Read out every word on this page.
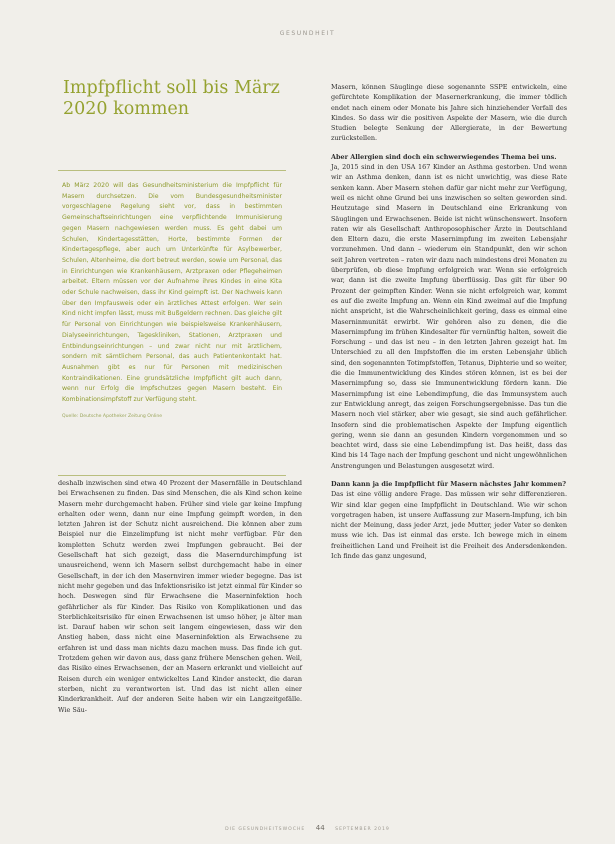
GESUNDHEIT
Impfpflicht soll bis März 2020 kommen
Ab März 2020 will das Gesundheitsministerium die Impfpflicht für Masern durchsetzen. Die vom Bundesgesundheitsminister vorgeschlagene Regelung sieht vor, dass in bestimmten Gemeinschaftseinrichtungen eine verpflichtende Immunisierung gegen Masern nachgewiesen werden muss. Es geht dabei um Schulen, Kindertagesstätten, Horte, bestimmte Formen der Kindertagespflege, aber auch um Unterkünfte für Asylbewerber, Schulen, Altenheime, die dort betreut werden, sowie um Personal, das in Einrichtungen wie Krankenhäusern, Arztpraxen oder Pflegeheimen arbeitet. Eltern müssen vor der Aufnahme ihres Kindes in eine Kita oder Schule nachweisen, dass ihr Kind geimpft ist. Der Nachweis kann über den Impfausweis oder ein ärztliches Attest erfolgen. Wer sein Kind nicht impfen lässt, muss mit Bußgeldern rechnen. Das gleiche gilt für Personal von Einrichtungen wie beispielsweise Krankenhäusern, Dialyseeinrichtungen, Tageskliniken, Stationen, Arztpraxen und Entbindungseinrichtungen – und zwar nicht nur mit ärztlichem, sondern mit sämtlichem Personal, das auch Patientenkontakt hat. Ausnahmen gibt es nur für Personen mit medizinischen Kontraindikationen. Eine grundsätzliche Impfpflicht gilt auch dann, wenn nur Erfolg die Impfschutzes gegen Masern besteht. Ein Kombinationsimpfstoff zur Verfügung steht.
Quelle: Deutsche Apotheker Zeitung Online

deshalb inzwischen sind etwa 40 Prozent der Masernfälle in Deutschland bei Erwachsenen zu finden. Das sind Menschen, die als Kind schon keine Masern mehr durchgemacht haben. Früher sind viele gar keine Impfung erhalten oder wenn, dann nur eine Impfung geimpft worden, in den letzten Jahren ist der Schutz nicht ausreichend. Die können aber zum Beispiel nur die Einzelimpfung ist nicht mehr verfügbar. Für den kompletten Schutz werden zwei Impfungen gebraucht. Bei der Gesellschaft hat sich gezeigt, dass die Maserndurchimpfung ist unausreichend, wenn ich Masern selbst durchgemacht habe in einer Gesellschaft, in der ich den Masernviren immer wieder begegne. Das ist nicht mehr gegeben und das Infektionsrisiko ist jetzt einmal für Kinder so hoch. Deswegen sind für Erwachsene die Maserninfektion hoch gefährlicher als für Kinder. Das Risiko von Komplikationen und das Sterblichkeitsrisiko für einen Erwachsenen ist umso höher, je älter man ist. Darauf haben wir schon seit langem eingewiesen, dass wir den Anstieg haben, dass nicht eine Maserninfektion als Erwachsene zu erfahren ist und dass man nichts dazu machen muss. Das finde ich gut. Trotzdem gehen wir davon aus, dass ganz frühere Menschen gehen. Weil, das Risiko eines Erwachsenen, der an Masern erkrankt und vielleicht auf Reisen durch ein weniger entwickeltes Land Kinder ansteckt, die daran sterben, nicht zu verantworten ist. Und das ist nicht allen einer Kinderkrankheit. Auf der anderen Seite haben wir ein Langzeitgefälle. Wie Säu-

Masern, können Säuglinge diese sogenannte SSPE entwickeln, eine gefürchtete Komplikation der Masernerkrankung, die immer tödlich endet nach einem oder Monate bis Jahre sich hinziehender Verfall des Kindes. So dass wir die positiven Aspekte der Masern, wie die durch Studien belegte Senkung der Allergierate, in der Bewertung zurückstellen.

Aber Allergien sind doch ein schwerwiegendes Thema bei uns.

Ja, 2015 sind in den USA 167 Kinder an Asthma gestorben. Und wenn wir an Asthma denken, dann ist es nicht unwichtig, was diese Rate senken kann. Aber Masern stehen dafür gar nicht mehr zur Verfügung, weil es nicht ohne Grund bei uns inzwischen so selten geworden sind. Heutzutage sind Masern in Deutschland eine Erkrankung von Säuglingen und Erwachsenen. Beide ist nicht wünschenswert. Insofern raten wir als Gesellschaft Anthroposophischer Ärzte in Deutschland den Eltern dazu, die erste Masernimpfung im zweiten Lebensjahr vorzunehmen. Und dann – wiederum ein Standpunkt, den wir schon seit Jahren vertreten – raten wir dazu nach mindestens drei Monaten zu überprüfen, ob diese Impfung erfolgreich war. Wenn sie erfolgreich war, dann ist die zweite Impfung überflüssig. Das gilt für über 90 Prozent der geimpften Kinder. Wenn sie nicht erfolgreich war, kommt es auf die zweite Impfung an. Wenn ein Kind zweimal auf die Impfung nicht anspricht, ist die Wahrscheinlichkeit gering, dass es einmal eine Maserninmunität erwirbt. Wir gehören also zu denen, die die Masernimpfung im frühen Kindesalter für vernünftig halten, soweit die Forschung – und das ist neu – in den letzten Jahren gezeigt hat. Im Unterschied zu all den Impfstoffen die im ersten Lebensjahr üblich sind, den sogenannten Totimpfstoffen, Tetanus, Diphterie und so weiter, die die Immunentwicklung des Kindes stören können, ist es bei der Masernimpfung so, dass sie Immunentwicklung fördern kann. Die Masernimpfung ist eine Lebendimpfung, die das Immunsystem auch zur Entwicklung anregt, das zeigen Forschungsergebnisse. Das tun die Masern noch viel stärker, aber wie gesagt, sie sind auch gefährlicher. Insofern sind die problematischen Aspekte der Impfung eigentlich gering, wenn sie dann an gesunden Kindern vorgenommen und so beachtet wird, dass sie eine Lebendimpfung ist. Das heißt, dass das Kind bis 14 Tage nach der Impfung geschont und nicht ungewöhnlichen Anstrengungen und Belastungen ausgesetzt wird.

Dann kann ja die Impfpflicht für Masern nächstes Jahr kommen?

Das ist eine völlig andere Frage. Das müssen wir sehr differenzieren. Wir sind klar gegen eine Impfpflicht in Deutschland. Wie wir schon vorgetragen haben, ist unsere Auffassung zur Masern-Impfung, ich bin nicht der Meinung, dass jeder Arzt, jede Mutter, jeder Vater so denken muss wie ich. Das ist einmal das erste. Ich bewege mich in einem freiheitlichen Land und Freiheit ist die Freiheit des Andersdenkenden. Ich finde das ganz ungesund,

DIE GESUNDHEITSWOCHE 44 SEPTEMBER 2019
